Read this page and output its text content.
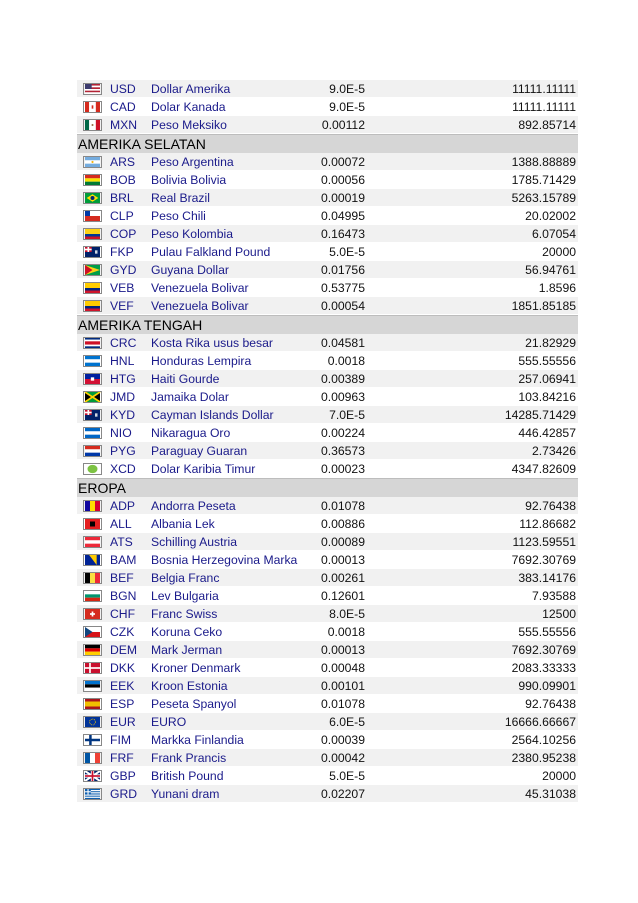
USD	Dollar Amerika	9.0E-5	11111.11111
CAD	Dolar Kanada	9.0E-5	11111.11111
MXN	Peso Meksiko	0.00112	892.85714
AMERIKA SELATAN
ARS	Peso Argentina	0.00072	1388.88889
BOB	Bolivia Bolivia	0.00056	1785.71429
BRL	Real Brazil	0.00019	5263.15789
CLP	Peso Chili	0.04995	20.02002
COP	Peso Kolombia	0.16473	6.07054
FKP	Pulau Falkland Pound	5.0E-5	20000
GYD	Guyana Dollar	0.01756	56.94761
VEB	Venezuela Bolivar	0.53775	1.8596
VEF	Venezuela Bolivar	0.00054	1851.85185
AMERIKA TENGAH
CRC	Kosta Rika usus besar	0.04581	21.82929
HNL	Honduras Lempira	0.0018	555.55556
HTG	Haiti Gourde	0.00389	257.06941
JMD	Jamaika Dolar	0.00963	103.84216
KYD	Cayman Islands Dollar	7.0E-5	14285.71429
NIO	Nikaragua Oro	0.00224	446.42857
PYG	Paraguay Guaran	0.36573	2.73426
XCD	Dolar Karibia Timur	0.00023	4347.82609
EROPA
ADP	Andorra Peseta	0.01078	92.76438
ALL	Albania Lek	0.00886	112.86682
ATS	Schilling Austria	0.00089	1123.59551
BAM	Bosnia Herzegovina Marka	0.00013	7692.30769
BEF	Belgia Franc	0.00261	383.14176
BGN	Lev Bulgaria	0.12601	7.93588
CHF	Franc Swiss	8.0E-5	12500
CZK	Koruna Ceko	0.0018	555.55556
DEM	Mark Jerman	0.00013	7692.30769
DKK	Kroner Denmark	0.00048	2083.33333
EEK	Kroon Estonia	0.00101	990.09901
ESP	Peseta Spanyol	0.01078	92.76438
EUR	EURO	6.0E-5	16666.66667
FIM	Markka Finlandia	0.00039	2564.10256
FRF	Frank Prancis	0.00042	2380.95238
GBP	British Pound	5.0E-5	20000
GRD	Yunani dram	0.02207	45.31038
